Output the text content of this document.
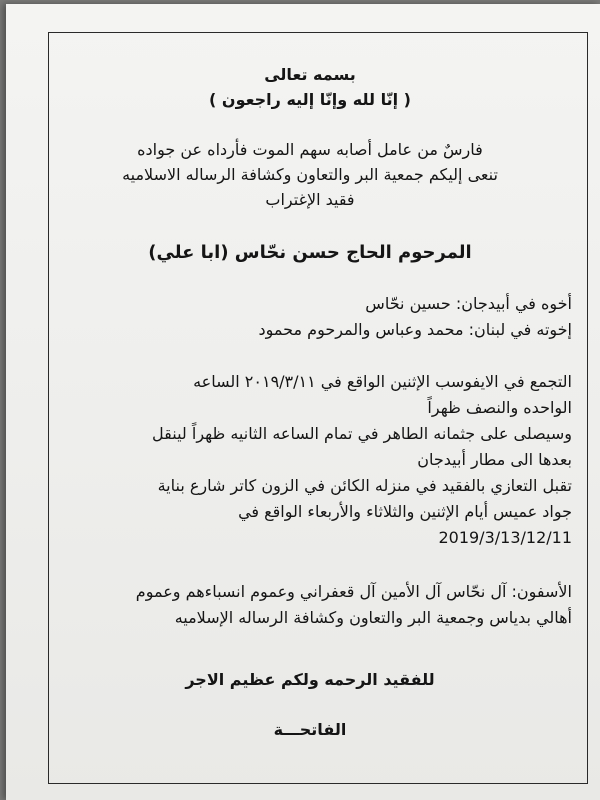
بسمه تعالى
( إنّا لله وإنّا إليه راجعون )
فارسٌ من عامل أصابه سهم الموت فأرداه عن جواده
تنعى إليكم جمعية البر والتعاون وكشافة الرساله الاسلاميه
فقيد الإغتراب
المرحوم الحاج حسن نحّاس (ابا علي)
أخوه في أبيدجان: حسين نحّاس
إخوته في لبنان: محمد وعباس والمرحوم محمود
التجمع في الايفوسب الإثنين الواقع في ٢٠١٩/٣/١١ الساعه
الواحده والنصف ظهراً
وسيصلى على جثمانه الطاهر في تمام الساعه الثانيه ظهراً لينقل
بعدها الى مطار أبيدجان
تقبل التعازي بالفقيد في منزله الكائن في الزون كاتر شارع بناية
جواد عميس أيام الإثنين والثلاثاء والأربعاء الواقع في
2019/3/13/12/11
الأسفون: آل نحّاس آل الأمين آل قعفراني وعموم انسباءهم وعموم
أهالي بدياس وجمعية البر والتعاون وكشافة الرساله الإسلاميه
للفقيد الرحمه ولكم عظيم الاجر
الفاتحـــة
